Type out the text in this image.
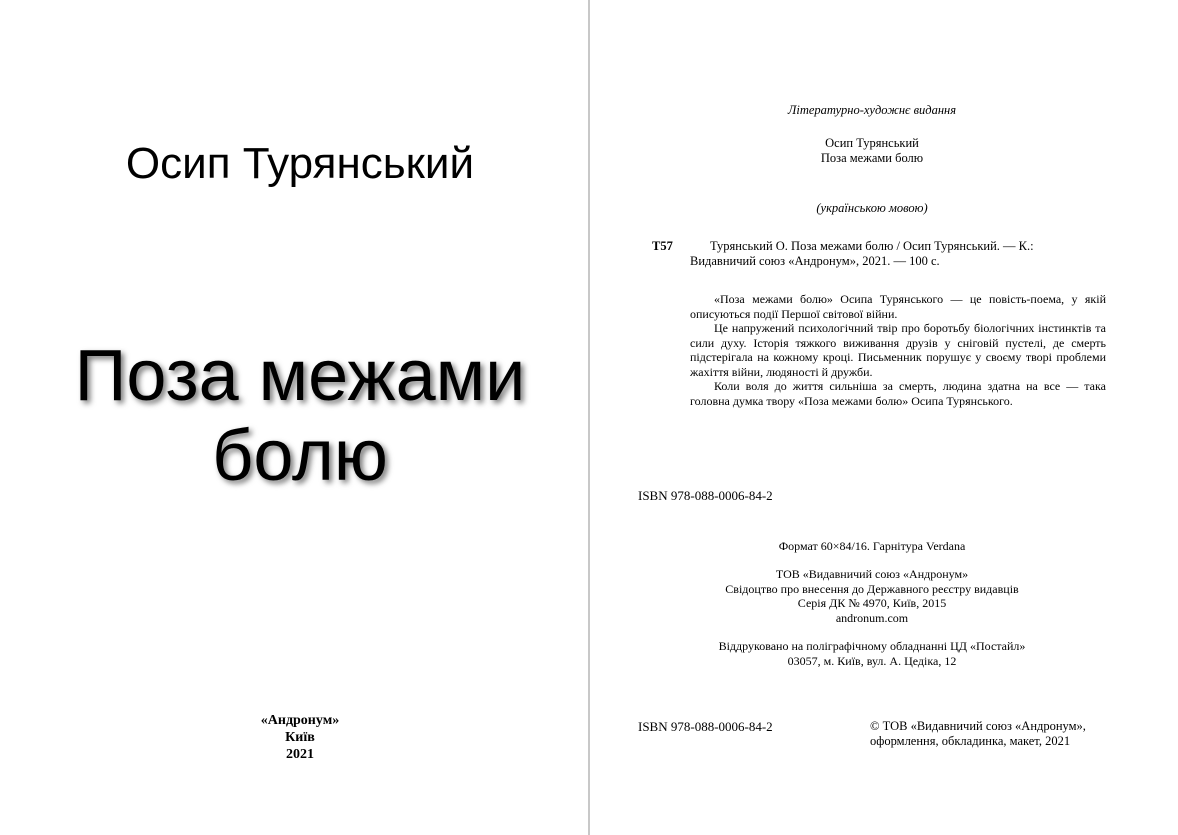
Осип Турянський
Поза межами
болю
«Андронум»
Київ
2021
Літературно-художнє видання
Осип Турянський
Поза межами болю
(українською мовою)
Т57	Турянський О. Поза межами болю / Осип Турянський. — К.:
Видавничий союз «Андронум», 2021. — 100 с.

«Поза межами болю» Осипа Турянського — це повість-поема, у якій описуються події Першої світової війни.

Це напружений психологічний твір про боротьбу біологічних інстинктів та сили духу. Історія тяжкого виживання друзів у сніговій пустелі, де смерть підстерігала на кожному кроці. Письменник порушує у своєму творі проблеми жахіття війни, людяності й дружби.

Коли воля до життя сильніша за смерть, людина здатна на все — така головна думка твору «Поза межами болю» Осипа Турянського.

ISBN 978-088-0006-84-2
Формат 60×84/16. Гарнітура Verdana
ТОВ «Видавничий союз «Андронум»
Свідоцтво про внесення до Державного реєстру видавців
Серія ДК № 4970, Київ, 2015
andronum.com
Віддруковано на поліграфічному обладнанні ЦД «Постайл»
03057, м. Київ, вул. А. Цедіка, 12
ISBN 978-088-0006-84-2	© ТОВ «Видавничий союз «Андронум»,
оформлення, обкладинка, макет, 2021
